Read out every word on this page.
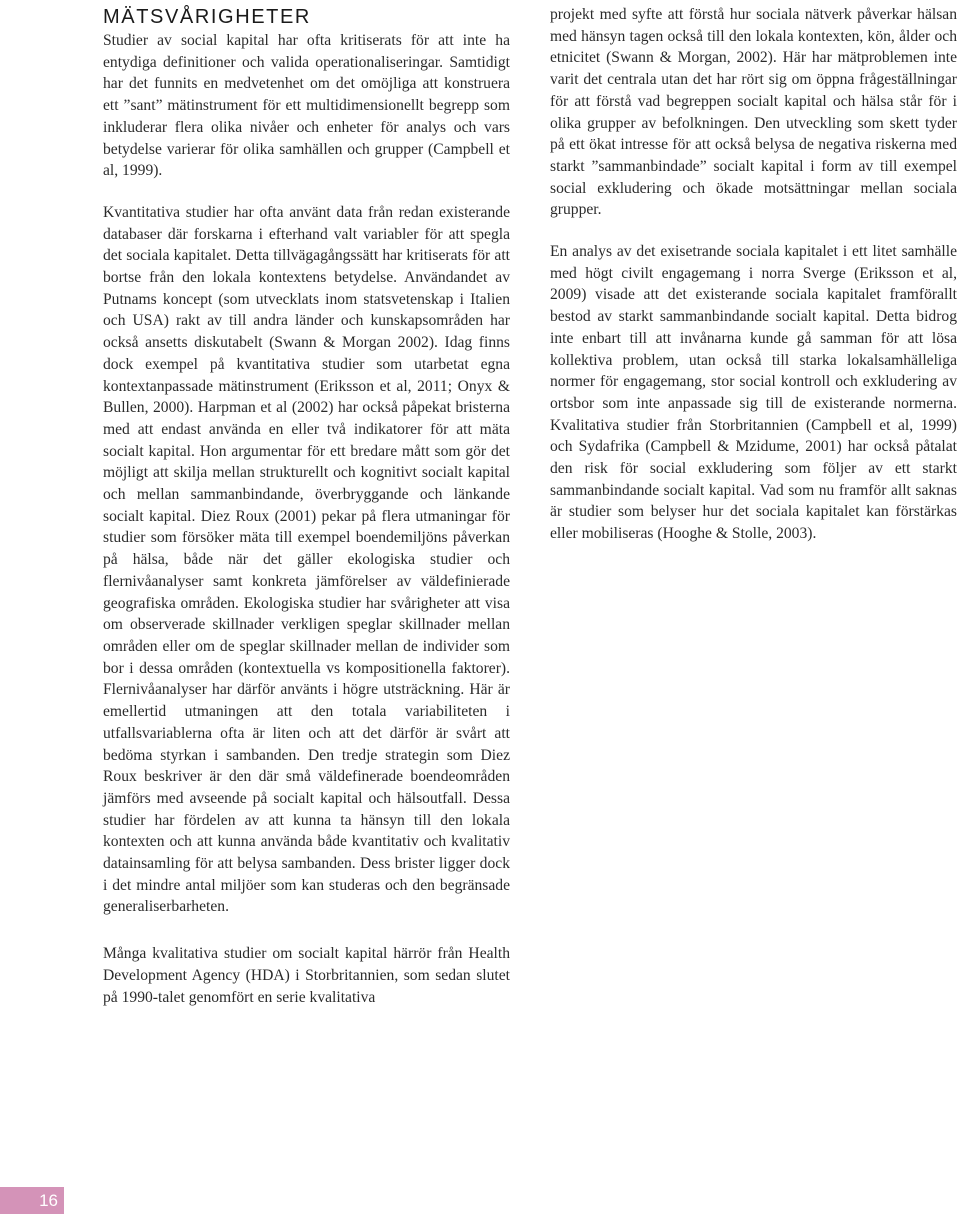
MÄTSVÅRIGHETER

Studier av social kapital har ofta kritiserats för att inte ha entydiga definitioner och valida operationaliseringar. Samtidigt har det funnits en medvetenhet om det omöjliga att konstruera ett ”sant” mätinstrument för ett multidimensionellt begrepp som inkluderar flera olika nivåer och enheter för analys och vars betydelse varierar för olika samhällen och grupper (Campbell et al, 1999).

Kvantitativa studier har ofta använt data från redan existerande databaser där forskarna i efterhand valt variabler för att spegla det sociala kapitalet. Detta tillvägagångssätt har kritiserats för att bortse från den lokala kontextens betydelse. Användandet av Putnams koncept (som utvecklats inom statsvetenskap i Italien och USA) rakt av till andra länder och kunskapsområden har också ansetts diskutabelt (Swann & Morgan 2002). Idag finns dock exempel på kvantitativa studier som utarbetat egna kontextanpassade mätinstrument (Eriksson et al, 2011; Onyx & Bullen, 2000). Harpman et al (2002) har också påpekat bristerna med att endast använda en eller två indikatorer för att mäta socialt kapital. Hon argumentar för ett bredare mått som gör det möjligt att skilja mellan strukturellt och kognitivt socialt kapital och mellan sammanbindande, överbryggande och länkande socialt kapital. Diez Roux (2001) pekar på flera utmaningar för studier som försöker mäta till exempel boendemiljöns påverkan på hälsa, både när det gäller ekologiska studier och flernivåanalyser samt konkreta jämförelser av väldefinierade geografiska områden. Ekologiska studier har svårigheter att visa om observerade skillnader verkligen speglar skillnader mellan områden eller om de speglar skillnader mellan de individer som bor i dessa områden (kontextuella vs kompositionella faktorer). Flernivåanalyser har därför använts i högre utsträckning. Här är emellertid utmaningen att den totala variabiliteten i utfallsvariablerna ofta är liten och att det därför är svårt att bedöma styrkan i sambanden. Den tredje strategin som Diez Roux beskriver är den där små väldefinerade boendeområden jämförs med avseende på socialt kapital och hälsoutfall. Dessa studier har fördelen av att kunna ta hänsyn till den lokala kontexten och att kunna använda både kvantitativ och kvalitativ datainsamling för att belysa sambanden. Dess brister ligger dock i det mindre antal miljöer som kan studeras och den begränsade generaliserbarheten.

Många kvalitativa studier om socialt kapital härrör från Health Development Agency (HDA) i Storbritannien, som sedan slutet på 1990-talet genomfört en serie kvalitativa

projekt med syfte att förstå hur sociala nätverk påverkar hälsan med hänsyn tagen också till den lokala kontexten, kön, ålder och etnicitet (Swann & Morgan, 2002). Här har mätproblemen inte varit det centrala utan det har rört sig om öppna frågeställningar för att förstå vad begreppen socialt kapital och hälsa står för i olika grupper av befolkningen. Den utveckling som skett tyder på ett ökat intresse för att också belysa de negativa riskerna med starkt ”sammanbindade” socialt kapital i form av till exempel social exkludering och ökade motsättningar mellan sociala grupper.

En analys av det exisetrande sociala kapitalet i ett litet samhälle med högt civilt engagemang i norra Sverge (Eriksson et al, 2009) visade att det existerande sociala kapitalet framförallt bestod av starkt sammanbindande socialt kapital. Detta bidrog inte enbart till att invånarna kunde gå samman för att lösa kollektiva problem, utan också till starka lokalsamhälleliga normer för engagemang, stor social kontroll och exkludering av ortsbor som inte anpassade sig till de existerande normerna. Kvalitativa studier från Storbritannien (Campbell et al, 1999) och Sydafrika (Campbell & Mzidume, 2001) har också påtalat den risk för social exkludering som följer av ett starkt sammanbindande socialt kapital. Vad som nu framför allt saknas är studier som belyser hur det sociala kapitalet kan förstärkas eller mobiliseras (Hooghe & Stolle, 2003).

16
